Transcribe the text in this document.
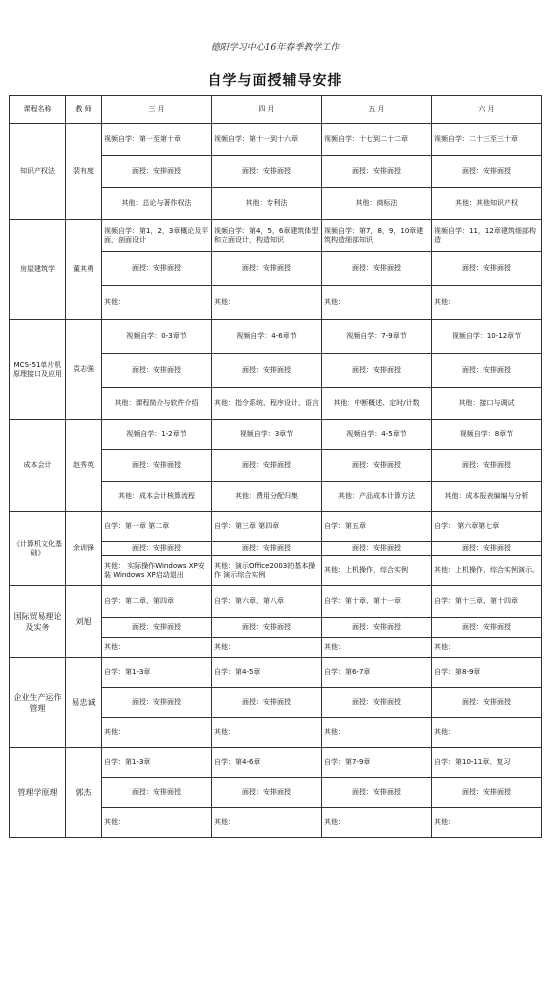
德阳学习中心16年春季教学工作
自学与面授辅导安排
课程名称	教 师	三 月	四 月	五 月	六 月
知识产权法	裴有度	视频自学：第一至第十章	视频自学：第十一到十六章	视频自学：十七到二十二章	视频自学：二十三至三十章
		面授：安排面授	面授：安排面授	面授：安排面授	面授：安排面授
		其他：总论与著作权法	其他：专利法	其他：商标法	其他：其他知识产权
房屋建筑学	董其勇	视频自学：第1，2，3章概论及平面，剖面设计	视频自学：第4，5，6章建筑体型和立面设计，构造知识	视频自学：第7，8，9，10章建筑构造细部知识	视频自学：11，12章建筑细部构造
		面授：安排面授	面授：安排面授	面授：安排面授	面授：安排面授
		其他：	其他：	其他：	其他：
MCS-51单片机原理接口及应用	袁志强	视频自学：0-3章节	视频自学：4-6章节	视频自学：7-9章节	视频自学：10-12章节
		面授：安排面授	面授：安排面授	面授：安排面授	面授：安排面授
		其他：课程简介与软件介绍	其他：指令系统、程序设计、语言	其他：中断概述、定时/计数	其他：接口与调试
成本会计	赵秀英	视频自学：1-2章节	视频自学：3章节	视频自学：4-5章节	视频自学：8章节
		面授：安排面授	面授：安排面授	面授：安排面授	面授：安排面授
		其他：成本会计核算流程	其他：费用分配归集	其他：产品成本计算方法	其他：成本报表编编与分析
《计算机文化基础》	余训锋	自学：第一章 第二章	自学：第三章 第四章	自学：第五章	自学： 第六章第七章
		面授：安排面授	面授：安排面授	面授：安排面授	面授：安排面授
		其他： 实际操作Windows XP安装 Windows XP启动退出	其他：演示Office2003的基本操作 演示综合实例	其他：上机操作，综合实例	其他：上机操作，综合实例演示。
国际贸易理论及实务	刘旭	自学：第二章、第四章	自学：第六章、第八章	自学：第十章、第十一章	自学：第十三章、第十四章
		面授：安排面授	面授：安排面授	面授：安排面授	面授：安排面授
		其他：	其他：	其他：	其他：
企业生产运作管理	易忠诚	自学：第1-3章	自学：第4-5章	自学：第6-7章	自学：第8-9章
		面授：安排面授	面授：安排面授	面授：安排面授	面授：安排面授
		其他：	其他：	其他：	其他：
管理学原理	郭杰	自学：第1-3章	自学：第4-6章	自学：第7-9章	自学：第10-11章、复习
		面授：安排面授	面授：安排面授	面授：安排面授	面授：安排面授
		其他：	其他：	其他：	其他：
